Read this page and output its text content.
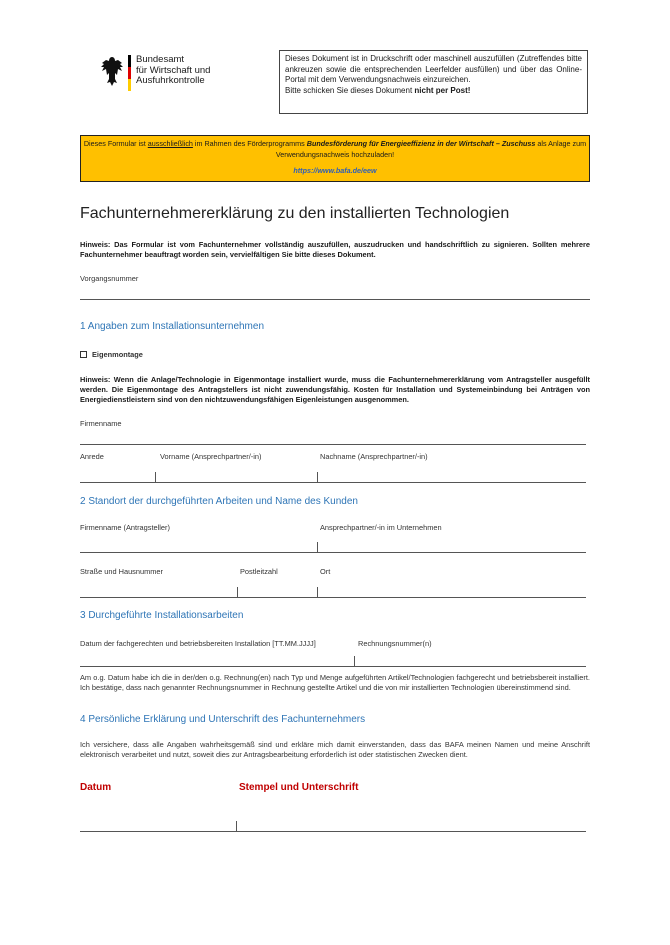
Bundesamt
für Wirtschaft und
Ausfuhrkontrolle
Dieses Dokument ist in Druckschrift oder maschinell auszufüllen (Zutreffendes bitte ankreuzen sowie die entsprechenden Leerfelder ausfüllen) und über das Online-Portal mit dem Verwendungsnachweis einzureichen.
Bitte schicken Sie dieses Dokument nicht per Post!
Dieses Formular ist ausschließlich im Rahmen des Förderprogramms Bundesförderung für Energieeffizienz in der Wirtschaft – Zuschuss als Anlage zum Verwendungsnachweis hochzuladen!
https://www.bafa.de/eew
Fachunternehmererklärung zu den installierten Technologien
Hinweis: Das Formular ist vom Fachunternehmer vollständig auszufüllen, auszudrucken und handschriftlich zu signieren. Sollten mehrere Fachunternehmer beauftragt worden sein, vervielfältigen Sie bitte dieses Dokument.
Vorgangsnummer
1 Angaben zum Installationsunternehmen
Eigenmontage
Hinweis: Wenn die Anlage/Technologie in Eigenmontage installiert wurde, muss die Fachunternehmererklärung vom Antragsteller ausgefüllt werden. Die Eigenmontage des Antragstellers ist nicht zuwendungsfähig. Kosten für Installation und Systemeinbindung bei Anträgen von Energiedienstleistern sind von den nichtzuwendungsfähigen Eigenleistungen ausgenommen.
Firmenname
Anrede	Vorname (Ansprechpartner/-in)	Nachname (Ansprechpartner/-in)
2 Standort der durchgeführten Arbeiten und Name des Kunden
Firmenname (Antragsteller)	Ansprechpartner/-in im Unternehmen
Straße und Hausnummer	Postleitzahl	Ort
3 Durchgeführte Installationsarbeiten
Datum der fachgerechten und betriebsbereiten Installation [TT.MM.JJJJ]	Rechnungsnummer(n)
Am o.g. Datum habe ich die in der/den o.g. Rechnung(en) nach Typ und Menge aufgeführten Artikel/Technologien fachgerecht und betriebsbereit installiert. Ich bestätige, dass nach genannter Rechnungsnummer in Rechnung gestellte Artikel und die von mir installierten Technologien übereinstimmend sind.
4 Persönliche Erklärung und Unterschrift des Fachunternehmers
Ich versichere, dass alle Angaben wahrheitsgemäß sind und erkläre mich damit einverstanden, dass das BAFA meinen Namen und meine Anschrift elektronisch verarbeitet und nutzt, soweit dies zur Antragsbearbeitung erforderlich ist oder statistischen Zwecken dient.
Datum	Stempel und Unterschrift
